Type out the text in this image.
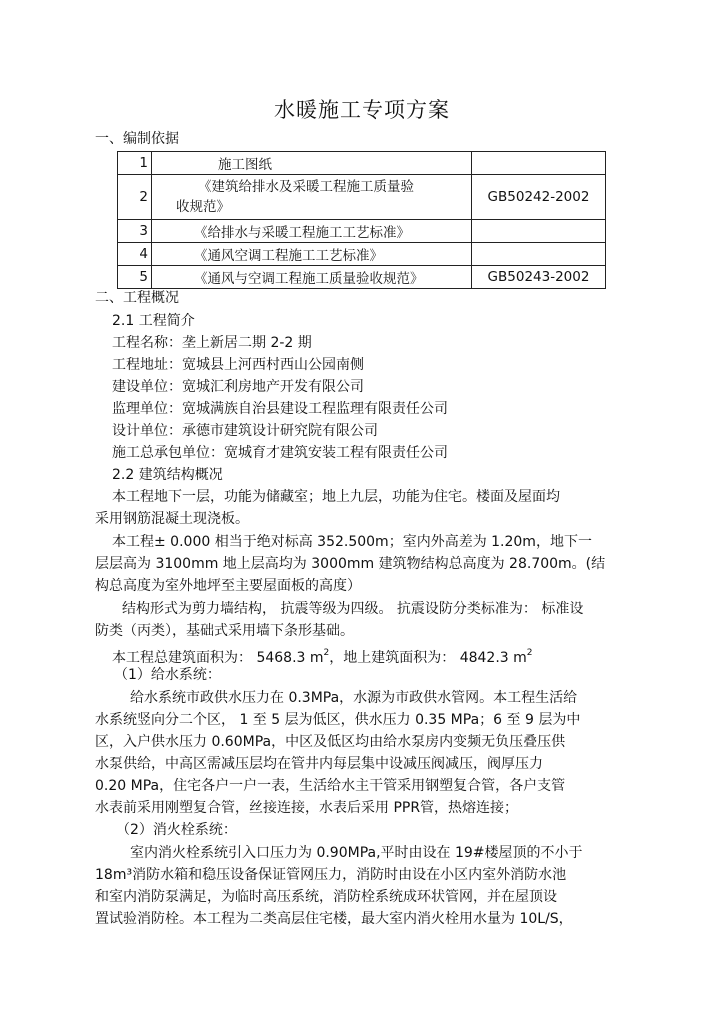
水暖施工专项方案
一、编制依据
1	施工图纸	
2	《建筑给排水及采暖工程施工质量验
收规范》	GB50242-2002
3	《给排水与采暖工程施工工艺标准》	
4	《通风空调工程施工工艺标准》	
5	《通风与空调工程施工质量验收规范》	GB50243-2002
二、工程概况
2.1 工程简介
工程名称：垄上新居二期 2-2 期
工程地址：宽城县上河西村西山公园南侧
建设单位：宽城汇利房地产开发有限公司
监理单位：宽城满族自治县建设工程监理有限责任公司
设计单位：承德市建筑设计研究院有限公司
施工总承包单位：宽城育才建筑安装工程有限责任公司
2.2 建筑结构概况
本工程地下一层，功能为储藏室；地上九层，功能为住宅。楼面及屋面均
采用钢筋混凝土现浇板。
本工程± 0.000 相当于绝对标高 352.500m；室内外高差为 1.20m，地下一
层层高为 3100mm 地上层高均为 3000mm 建筑物结构总高度为 28.700m。(结
构总高度为室外地坪至主要屋面板的高度）
结构形式为剪力墙结构， 抗震等级为四级。 抗震设防分类标准为： 标准设
防类（丙类），基础式采用墙下条形基础。
本工程总建筑面积为： 5468.3 $m^2$，地上建筑面积为： 4842.3 $m^2$
（1）给水系统：
给水系统市政供水压力在 0.3MPa，水源为市政供水管网。本工程生活给
水系统竖向分二个区， 1 至 5 层为低区，供水压力 0.35 MPa；6 至 9 层为中
区，入户供水压力 0.60MPa，中区及低区均由给水泵房内变频无负压叠压供
水泵供给，中高区需减压层均在管井内每层集中设减压阀减压，阀厚压力
0.20 MPa，住宅各户一户一表，生活给水主干管采用钢塑复合管，各户支管
水表前采用刚塑复合管，丝接连接，水表后采用 PPR管，热熔连接；
（2）消火栓系统：
室内消火栓系统引入口压力为 0.90MPa,平时由设在 19#楼屋顶的不小于
18m³消防水箱和稳压设备保证管网压力，消防时由设在小区内室外消防水池
和室内消防泵满足，为临时高压系统，消防栓系统成环状管网，并在屋顶设
置试验消防栓。本工程为二类高层住宅楼，最大室内消火栓用水量为 10L/S，
